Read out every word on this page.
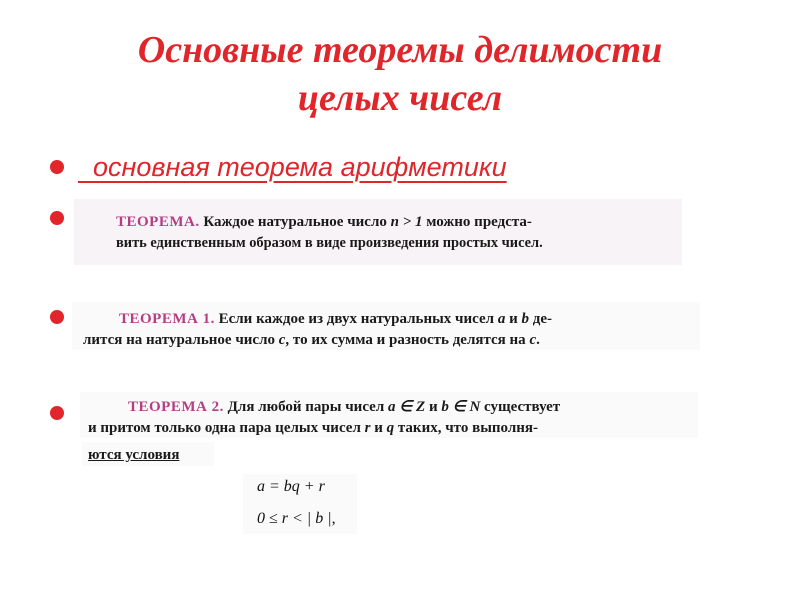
Основные теоремы делимости
целых чисел
основная теорема арифметики

ТЕОРЕМА. Каждое натуральное число n > 1 можно предста-

вить единственным образом в виде произведения простых чисел.

ТЕОРЕМА 1. Если каждое из двух натуральных чисел a и b де-

лится на натуральное число c, то их сумма и разность делятся на c.

ТЕОРЕМА 2. Для любой пары чисел a ∈ Z и b ∈ N существует

и притом только одна пара целых чисел r и q таких, что выполня-

ются условия

a = bq + r

0 ≤ r < | b |,
